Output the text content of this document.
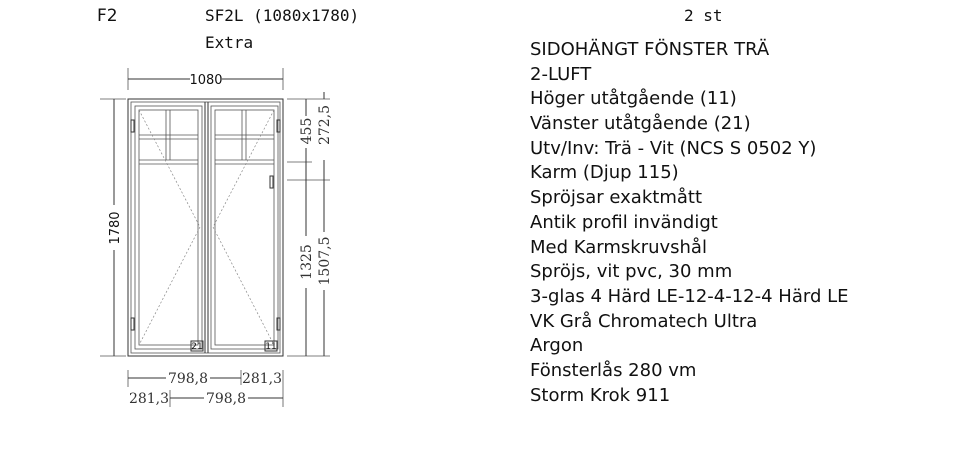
F2	SF2L (1080x1780)
Extra
2 st
SIDOHÄNGT FÖNSTER TRÄ
2-LUFT
Höger utåtgående (11)
Vänster utåtgående (21)
Utv/Inv: Trä - Vit (NCS S 0502 Y)
Karm (Djup 115)
Spröjsar exaktmått
Antik profil invändigt
Med Karmskruvshål
Spröjs, vit pvc, 30 mm
3-glas 4 Härd LE-12-4-12-4 Härd LE
VK Grå Chromatech Ultra
Argon
Fönsterlås 280 vm
Storm Krok 911
1080
1780
21	11
455 272,5
1325 1507,5
798,8 281,3
281,3	798,8
